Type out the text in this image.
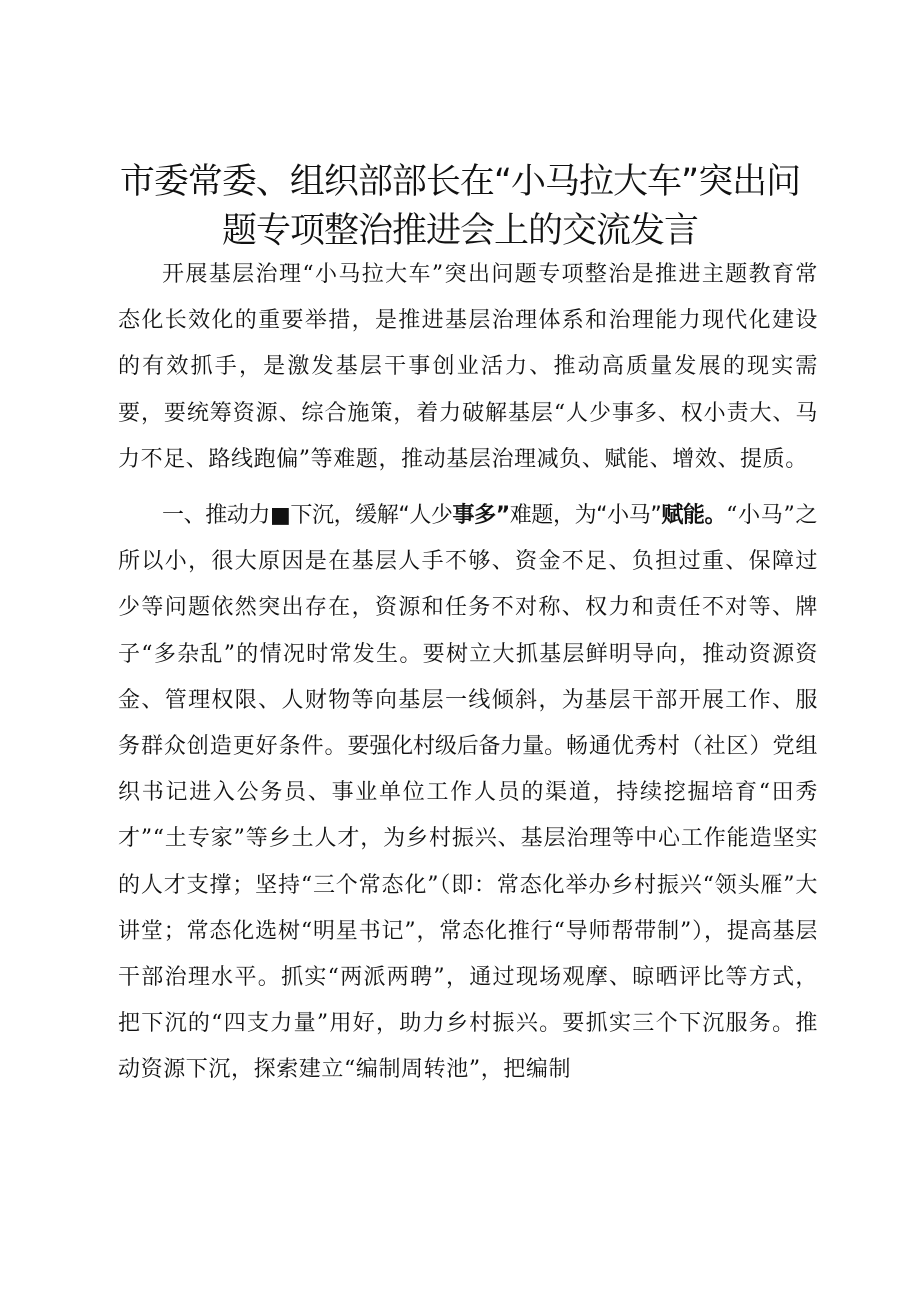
市委常委、组织部部长在“小马拉大车”突出问
题专项整治推进会上的交流发言

开展基层治理“小马拉大车”突出问题专项整治是推进主题教育常态化长效化的重要举措，是推进基层治理体系和治理能力现代化建设的有效抓手，是激发基层干事创业活力、推动高质量发展的现实需要，要统筹资源、综合施策，着力破解基层“人少事多、权小责大、马力不足、路线跑偏”等难题，推动基层治理减负、赋能、增效、提质。

一、推动力■下沉，缓解“人少事多”难题，为“小马”赋能。“小马”之所以小，很大原因是在基层人手不够、资金不足、负担过重、保障过少等问题依然突出存在，资源和任务不对称、权力和责任不对等、牌子“多杂乱”的情况时常发生。要树立大抓基层鲜明导向，推动资源资金、管理权限、人财物等向基层一线倾斜，为基层干部开展工作、服务群众创造更好条件。要强化村级后备力量。畅通优秀村（社区）党组织书记进入公务员、事业单位工作人员的渠道，持续挖掘培育“田秀才”“土专家”等乡土人才，为乡村振兴、基层治理等中心工作能造坚实的人才支撑；坚持“三个常态化”（即：常态化举办乡村振兴“领头雁”大讲堂；常态化选树“明星书记”，常态化推行“导师帮带制”），提高基层干部治理水平。抓实“两派两聘”，通过现场观摩、晾晒评比等方式，把下沉的“四支力量”用好，助力乡村振兴。要抓实三个下沉服务。推动资源下沉，探索建立“编制周转池”，把编制
